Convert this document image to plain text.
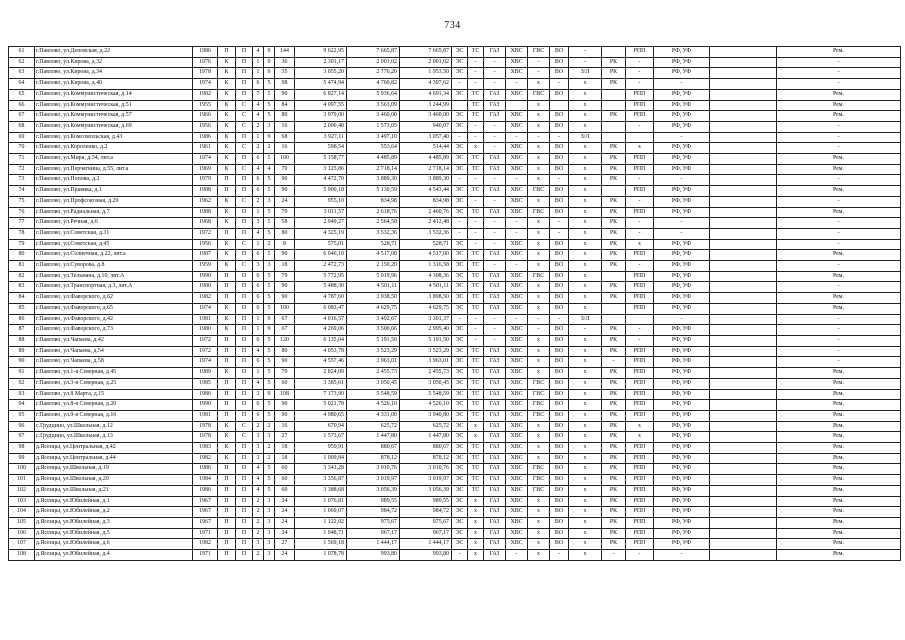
734
61	г.Павлово, ул.Деповская, д.22	1986	П	П	4	9	144	9 622,95	7 665,87	7 665,87	ЭС	ТС	ГАЗ	ХВС	ГВС	ВО	-		РПП	РФ, УФ		Рем.
62	г.Павлово, ул.Кирова, д.32	1976	К	П	1	9	36	2 301,17	2 001,02	2 001,02	ЭС	-	-	ХВС	-	ВО	-	РК	-	РФ, УФ		-
63	г.Павлово, ул.Кирова, д.34	1978	К	П	1	9	35	3 055,20	2 776,20	1 953,50	ЭС	-	-	ХВС	-	ВО	З/Л	РК	-	РФ, УФ		-
64	г.Павлово, ул.Кирова, д.40	1974	К	П	6	5	98	5 474,94	4 760,82	4 397,62	-	-	-	-	х	-	х	РК	-	-		-
65	г.Павлово, ул.Коммунистическая, д.14	1982	К	П	7	5	90	6 827,14	5 936,64	4 691,34	ЭС	ТС	ГАЗ	ХВС	ГВС	ВО	х		РПП	РФ, УФ		Рем.
66	г.Павлово, ул.Коммунистическая, д.51	1955	К	С	4	5	84	4 097,55	3 563,09	3 244,99		ТС	ГАЗ		х		х		РПП	РФ, УФ		Рем.
67	г.Павлово, ул.Коммунистическая, д.57	1966	К	С	4	5	80	3 979,00	3 460,00	3 460,00	ЭС	ТС	ГАЗ	ХВС	х	ВО	х	РК	РПП	РФ, УФ		Рем.
68	г.Павлово, ул.Коммунистическая, д.69	1956	К	С	2	3	16	2 000,48	1 573,05	940,07	ЭС	-	-	ХВС	х	ВО	х		-	РФ, УФ		-
69	г.Павлово, ул.Комсомольская, д.43	1986	К	П	1	9	68	3 927,11	3 497,10	3 057,40	-	-	-	-	-	-	З/Л			-		-
70	г.Павлово, ул.Короленко, д.2	1961	К	С	2	2	16	598,54	553,64	514,44	ЭС	х	-	ХВС	х	ВО	х	РК	х	РФ, УФ		-
71	г.Павлово, ул.Мира, д.34, лит.а	1974	К	П	6	5	100	5 158,77	4 485,89	4 485,89	ЭС	ТС	ГАЗ	ХВС	х	ВО	х	РК	РПП	РФ, УФ		Рем.
72	г.Павлово, ул.Перчаткина, д.55, лит.а	1969	К	С	4	4	70	3 125,86	2 718,14	2 718,14	ЭС	ТС	ГАЗ	ХВС	х	ВО	х	РК	РПП	РФ, УФ		Рем.
73	г.Павлово, ул.Попова, д.2	1979	П	П	6	5	90	4 472,70	3 889,30	3 889,30	-	-	-	-	х	-	х	РК	-	-		-
74	г.Павлово, ул.Правика, д.1	1988	П	П	6	5	90	5 900,18	5 130,59	4 543,44	ЭС	ТС	ГАЗ	ХВС	ГВС	ВО	х		РПП	РФ, УФ		Рем.
75	г.Павлово, ул.Профсоюзная, д.29	1962	К	С	2	3	24	955,10	834,98	834,98	ЭС	-	-	ХВС	х	ВО	х	РК	-	РФ, УФ		-
76	г.Павлово, ул.Радиальная, д.7	1988	К	П	1	5	70	3 011,57	2 618,76	2 460,76	ЭС	ТС	ГАЗ	ХВС	ГВС	ВО	х	РК	РПП	РФ, УФ		Рем.
77	г.Павлово, ул.Речная, д.6	1968	К	П	3	5	58	2 949,27	2 564,58	2 412,48	-	-	-	-	х	-	х	РК	-	-		-
78	г.Павлово, ул.Советская, д.31	1972	П	П	4	5	80	4 325,19	3 532,36	3 532,36	-	-	-	-	х	-	х	РК	-	-		-
79	г.Павлово, ул.Советская, д.45	1956	К	С	1	2	8	575,01	528,71	528,71	ЭС	-	-	ХВС	х	ВО	х	РК	х	РФ, УФ		-
80	г.Павлово, ул.Солнечная, д.22, лит.а	1987	К	П	6	5	90	6 046,10	4 517,00	4 517,00	ЭС	ТС	ГАЗ	ХВС	х	ВО	х	РК	РПП	РФ, УФ		Рем.
81	г.Павлово, ул.Суворова, д.8	1959	К	С	3	3	18	2 472,73	2 150,20	1 316,58	ЭС	ТС	-	-	х	ВО	х	РК	-	РФ, УФ		-
82	г.Павлово, ул.Тельмана, д.10, лит.А	1990	П	П	6	5	79	5 772,95	5 019,96	4 308,36	ЭС	ТС	ГАЗ	ХВС	ГВС	ВО	х		РПП	РФ, УФ		Рем.
83	г.Павлово, ул.Транспортная, д.3, лит.А	1980	П	П	6	5	90	5 488,30	4 501,11	4 501,11	ЭС	ТС	ГАЗ	ХВС	х	ВО	х	РК	РПП	РФ, УФ		-
84	г.Павлово, ул.Фаворского, д.62	1982	П	П	6	5	90	4 787,60	3 938,50	3 898,50	ЭС	ТС	ГАЗ	ХВС	х	ВО	х	РК	РПП	РФ, УФ		Рем.
85	г.Павлово, ул.Фаворского, д.65	1974	К	П	6	5	100	6 083,47	4 629,75	4 629,75	ЭС	ТС	ГАЗ	ХВС	х	ВО	х		РПП	РФ, УФ		Рем.
86	г.Павлово, ул.Фаворского, д.42	1981	К	П	1	9	67	4 016,57	3 492,67	3 301,37	-	-	-	-	-	-	З/Л			-		-
87	г.Павлово, ул.Фаворского, д.73	1980	К	П	1	9	67	4 269,06	3 500,66	2 995,40	ЭС	-	-	ХВС	-	ВО	-	РК	-	РФ, УФ		-
88	г.Павлово, ул.Чапаева, д.42	1972	П	П	6	5	120	6 135,04	5 191,50	5 191,50	ЭС	-	-	ХВС	х	ВО	х	РК	-	РФ, УФ		-
89	г.Павлово, ул.Чапаева, д.54	1972	П	П	4	5	80	4 053,78	3 523,29	3 523,29	ЭС	ТС	ГАЗ	ХВС	х	ВО	х	РК	РПП	РФ, УФ		-
90	г.Павлово, ул.Чапаева, д.58	1974	П	П	6	5	90	4 557,46	3 963,01	3 963,01	ЭС	ТС	ГАЗ	ХВС	х	ВО	х	-	РПП	РФ, УФ		-
91	г.Павлово, ул.1-я Северная, д.45	1989	К	П	1	5	70	2 824,09	2 455,73	2 455,73	ЭС	ТС	ГАЗ	ХВС	х	ВО	х	РК	РПП	РФ, УФ		Рем.
92	г.Павлово, ул.3-я Северная, д.25	1985	П	П	4	5	60	3 385,61	3 050,45	3 050,45	ЭС	ТС	ГАЗ	ХВС	ГВС	ВО	х	РК	РПП	РФ, УФ		Рем.
93	г.Павлово, ул.8 Марта, д.15	1986	П	П	3	9	108	7 173,90	5 548,59	5 548,59	ЭС	ТС	ГАЗ	ХВС	ГВС	ВО	х	РК	РПП	РФ, УФ		Рем.
94	г.Павлово, ул.8-я Северная, д.20	1990	П	П	6	5	90	5 021,78	4 526,10	4 526,10	ЭС	ТС	ГАЗ	ХВС	ГВС	ВО	х	РК	РПП	РФ, УФ		Рем.
95	г.Павлово, ул.9-я Северная, д.16	1981	П	П	6	5	90	4 980,65	4 331,00	3 940,80	ЭС	ТС	ГАЗ	ХВС	ГВС	ВО	х	РК	РПП	РФ, УФ		Рем.
96	с.Грудцино, ул.Школьная, д.12	1978	К	С	2	2	16	670,94	625,72	625,72	ЭС	х	ГАЗ	ХВС	х	ВО	х	РК	х	РФ, УФ		Рем.
97	с.Грудцино, ул.Школьная, д.13	1978	К	С	3	3	27	1 573,67	1 447,80	1 447,80	ЭС	х	ГАЗ	ХВС	х	ВО	х	РК	х	РФ, УФ		Рем.
98	д.Ясенцы, ул.Центральная, д.42	1983	К	П	3	2	18	959,91	880,67	880,67	ЭС	ТС	ГАЗ	ХВС	х	ВО	х	РК	РПП	РФ, УФ		Рем.
99	д.Ясенцы, ул.Центральная, д.44	1982	К	П	3	2	18	1 009,84	878,12	878,12	ЭС	ТС	ГАЗ	ХВС	х	ВО	х	РК	РПП	РФ, УФ		Рем.
100	д.Ясенцы, ул.Школьная, д.19	1986	П	П	4	5	60	3 341,28	3 010,76	3 010,76	ЭС	ТС	ГАЗ	ХВС	ГВС	ВО	х	РК	РПП	РФ, УФ		Рем.
101	д.Ясенцы, ул.Школьная, д.20	1984	П	П	4	5	60	3 356,87	3 019,97	3 019,97	ЭС	ТС	ГАЗ	ХВС	ГВС	ВО	х	РК	РПП	РФ, УФ		Рем.
102	д.Ясенцы, ул.Школьная, д.21	1986	П	П	4	5	60	3 388,68	3 056,39	3 056,39	ЭС	ТС	ГАЗ	ХВС	ГВС	ВО	х	РК	РПП	РФ, УФ		Рем.
103	д.Ясенцы, ул.Юбилейная, д.1	1967	П	П	2	3	24	1 076,81	989,55	989,55	ЭС	х	ГАЗ	ХВС	х	ВО	х	РК	РПП	РФ, УФ		Рем.
104	д.Ясенцы, ул.Юбилейная, д.2	1967	П	П	2	3	24	1 069,07	984,72	984,72	ЭС	х	ГАЗ	ХВС	х	ВО	х	РК	РПП	РФ, УФ		Рем.
105	д.Ясенцы, ул.Юбилейная, д.3	1967	П	П	2	3	24	1 122,02	975,67	975,67	ЭС	х	ГАЗ	ХВС	х	ВО	х	РК	РПП	РФ, УФ		Рем.
106	д.Ясенцы, ул.Юбилейная, д.5	1971	П	П	2	3	24	1 048,71	967,17	967,17	ЭС	х	ГАЗ	ХВС	х	ВО	х	РК	РПП	РФ, УФ		Рем.
107	д.Ясенцы, ул.Юбилейная, д.6	1982	П	П	3	3	27	1 569,18	1 444,17	1 444,17	ЭС	х	ГАЗ	ХВС	х	ВО	х	РК	РПП	РФ, УФ		Рем.
108	д.Ясенцы, ул.Юбилейная, д.4	1971	П	П	2	3	24	1 078,78	993,80	993,80	-	х	ГАЗ	-	х	-	х	-	-	-		Рем.
